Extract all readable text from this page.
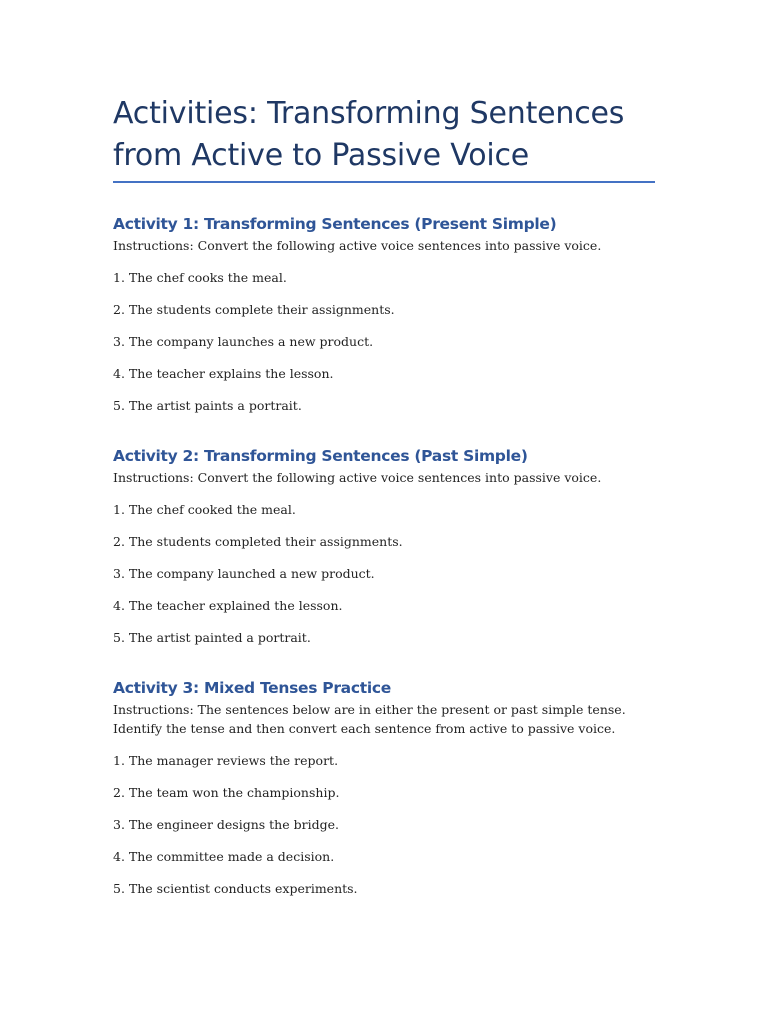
Activities: Transforming Sentences from Active to Passive Voice
Activity 1: Transforming Sentences (Present Simple)

Instructions: Convert the following active voice sentences into passive voice.

1. The chef cooks the meal.
2. The students complete their assignments.
3. The company launches a new product.
4. The teacher explains the lesson.
5. The artist paints a portrait.
Activity 2: Transforming Sentences (Past Simple)

Instructions: Convert the following active voice sentences into passive voice.

1. The chef cooked the meal.
2. The students completed their assignments.
3. The company launched a new product.
4. The teacher explained the lesson.
5. The artist painted a portrait.
Activity 3: Mixed Tenses Practice

Instructions: The sentences below are in either the present or past simple tense. Identify the tense and then convert each sentence from active to passive voice.

1. The manager reviews the report.
2. The team won the championship.
3. The engineer designs the bridge.
4. The committee made a decision.
5. The scientist conducts experiments.
